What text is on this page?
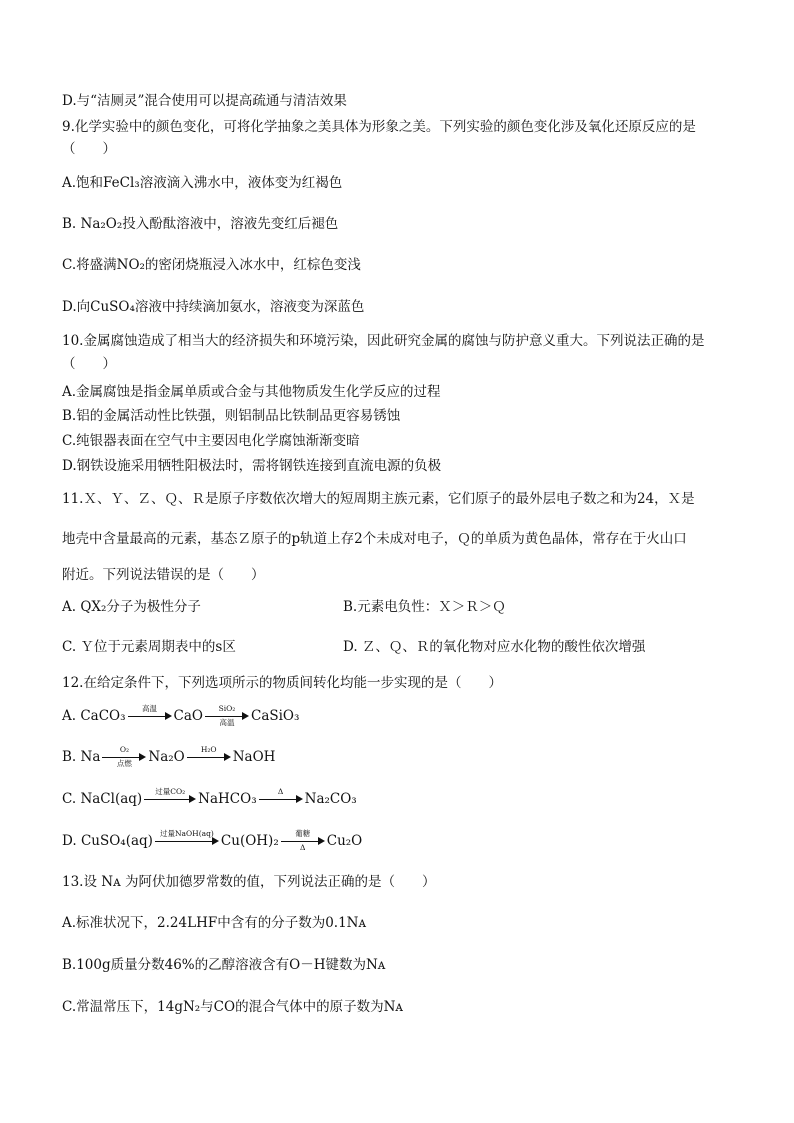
D.与“洁厕灵”混合使用可以提高疏通与清洁效果
9.化学实验中的颜色变化，可将化学抽象之美具体为形象之美。下列实验的颜色变化涉及氧化还原反应的是
（　　）
A.饱和FeCl₃溶液滴入沸水中，液体变为红褐色
B. Na₂O₂投入酚酞溶液中，溶液先变红后褪色
C.将盛满NO₂的密闭烧瓶浸入冰水中，红棕色变浅
D.向CuSO₄溶液中持续滴加氨水，溶液变为深蓝色
10.金属腐蚀造成了相当大的经济损失和环境污染，因此研究金属的腐蚀与防护意义重大。下列说法正确的是
（　　）
A.金属腐蚀是指金属单质或合金与其他物质发生化学反应的过程
B.铝的金属活动性比铁强，则铝制品比铁制品更容易锈蚀
C.纯银器表面在空气中主要因电化学腐蚀渐渐变暗
D.钢铁设施采用牺牲阳极法时，需将钢铁连接到直流电源的负极
11.Ｘ、Ｙ、Ｚ、Ｑ、Ｒ是原子序数依次增大的短周期主族元素，它们原子的最外层电子数之和为24，Ｘ是
地壳中含量最高的元素，基态Ｚ原子的p轨道上存2个未成对电子，Ｑ的单质为黄色晶体，常存在于火山口
附近。下列说法错误的是（　　）
A. QX₂分子为极性分子	B.元素电负性：Ｘ＞Ｒ＞Ｑ
C. Ｙ位于元素周期表中的s区	D. Ｚ、Ｑ、Ｒ的氧化物对应水化物的酸性依次增强
12.在给定条件下，下列选项所示的物质间转化均能一步实现的是（　　）
A. CaCO₃	高温	CaO	SiO₂
高温	CaSiO₃
B. Na	O₂
点燃	Na₂O	H₂O	NaOH
C. NaCl(aq)	过量CO₂ NaHCO₃	Δ	Na₂CO₃
D. CuSO₄(aq) 过量NaOH(aq) Cu(OH)₂	葡糖
Δ	Cu₂O
13.设 Nᴀ 为阿伏加德罗常数的值，下列说法正确的是（　　）
A.标准状况下，2.24LHF中含有的分子数为0.1Nᴀ
B.100g质量分数46%的乙醇溶液含有O－H键数为Nᴀ
C.常温常压下，14gN₂与CO的混合气体中的原子数为Nᴀ
